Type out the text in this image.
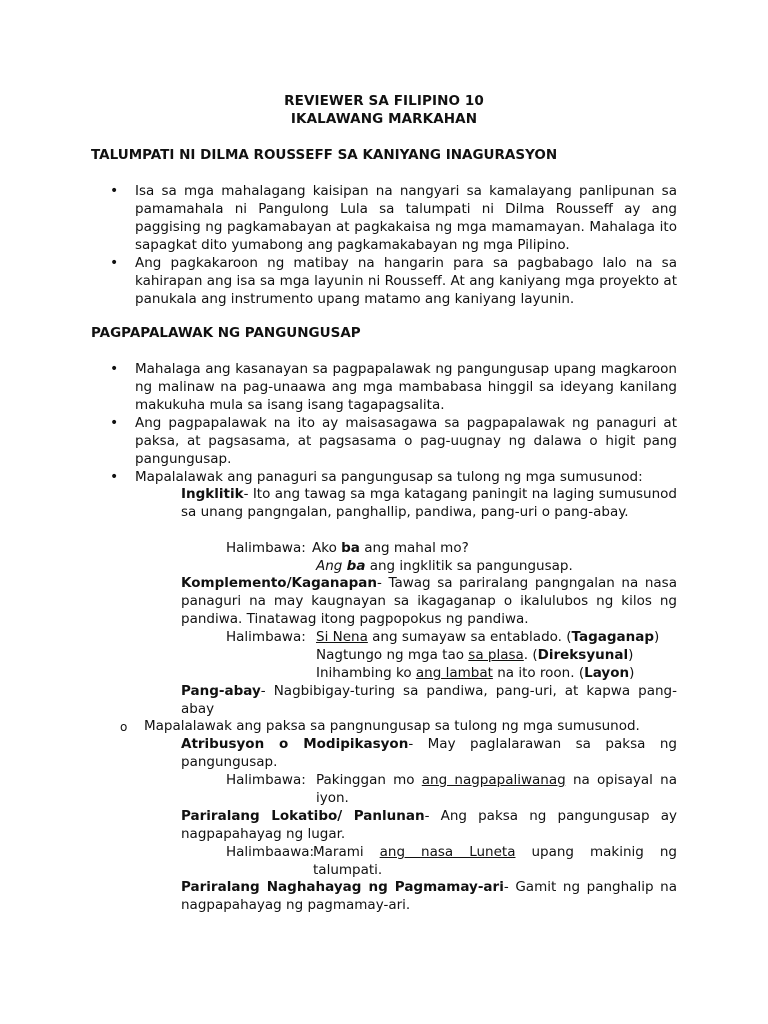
REVIEWER SA FILIPINO 10
IKALAWANG MARKAHAN
TALUMPATI NI DILMA ROUSSEFF SA KANIYANG INAGURASYON
• Isa sa mga mahalagang kaisipan na nangyari sa kamalayang panlipunan sa pamamahala ni Pangulong Lula sa talumpati ni Dilma Rousseff ay ang paggising ng pagkamabayan at pagkakaisa ng mga mamamayan. Mahalaga ito sapagkat dito yumabong ang pagkamakabayan ng mga Pilipino.
• Ang pagkakaroon ng matibay na hangarin para sa pagbabago lalo na sa kahirapan ang isa sa mga layunin ni Rousseff. At ang kaniyang mga proyekto at panukala ang instrumento upang matamo ang kaniyang layunin.
PAGPAPALAWAK NG PANGUNGUSAP
• Mahalaga ang kasanayan sa pagpapalawak ng pangungusap upang magkaroon ng malinaw na pag-unaawa ang mga mambabasa hinggil sa ideyang kanilang makukuha mula sa isang isang tagapagsalita.
• Ang pagpapalawak na ito ay maisasagawa sa pagpapalawak ng panaguri at paksa, at pagsasama, at pagsasama o pag-uugnay ng dalawa o higit pang pangungusap.
• Mapalalawak ang panaguri sa pangungusap sa tulong ng mga sumusunod:
Ingklitik- Ito ang tawag sa mga katagang paningit na laging sumusunod sa unang pangngalan, panghallip, pandiwa, pang-uri o pang-abay.
Halimbawa: Ako ba ang mahal mo?
Ang ba ang ingklitik sa pangungusap.
Komplemento/Kaganapan- Tawag sa pariralang pangngalan na nasa panaguri na may kaugnayan sa ikagaganap o ikalulubos ng kilos ng pandiwa. Tinatawag itong pagpopokus ng pandiwa.
Halimbawa: Si Nena ang sumayaw sa entablado. (Tagaganap)
Nagtungo ng mga tao sa plasa. (Direksyunal)
Inihambing ko ang lambat na ito roon. (Layon)
Pang-abay- Nagbibigay-turing sa pandiwa, pang-uri, at kapwa pang-abay
o Mapalalawak ang paksa sa pangnungusap sa tulong ng mga sumusunod.
Atribusyon o Modipikasyon- May paglalarawan sa paksa ng pangungusap.
Halimbawa: Pakinggan mo ang nagpapaliwanag na opisayal na iyon.
Pariralang Lokatibo/ Panlunan- Ang paksa ng pangungusap ay nagpapahayag ng lugar.
Halimbaawa:
Marami ang nasa Luneta upang makinig ng talumpati.
Pariralang Naghahayag ng Pagmamay-ari- Gamit ng panghalip na nagpapahayag ng pagmamay-ari.
